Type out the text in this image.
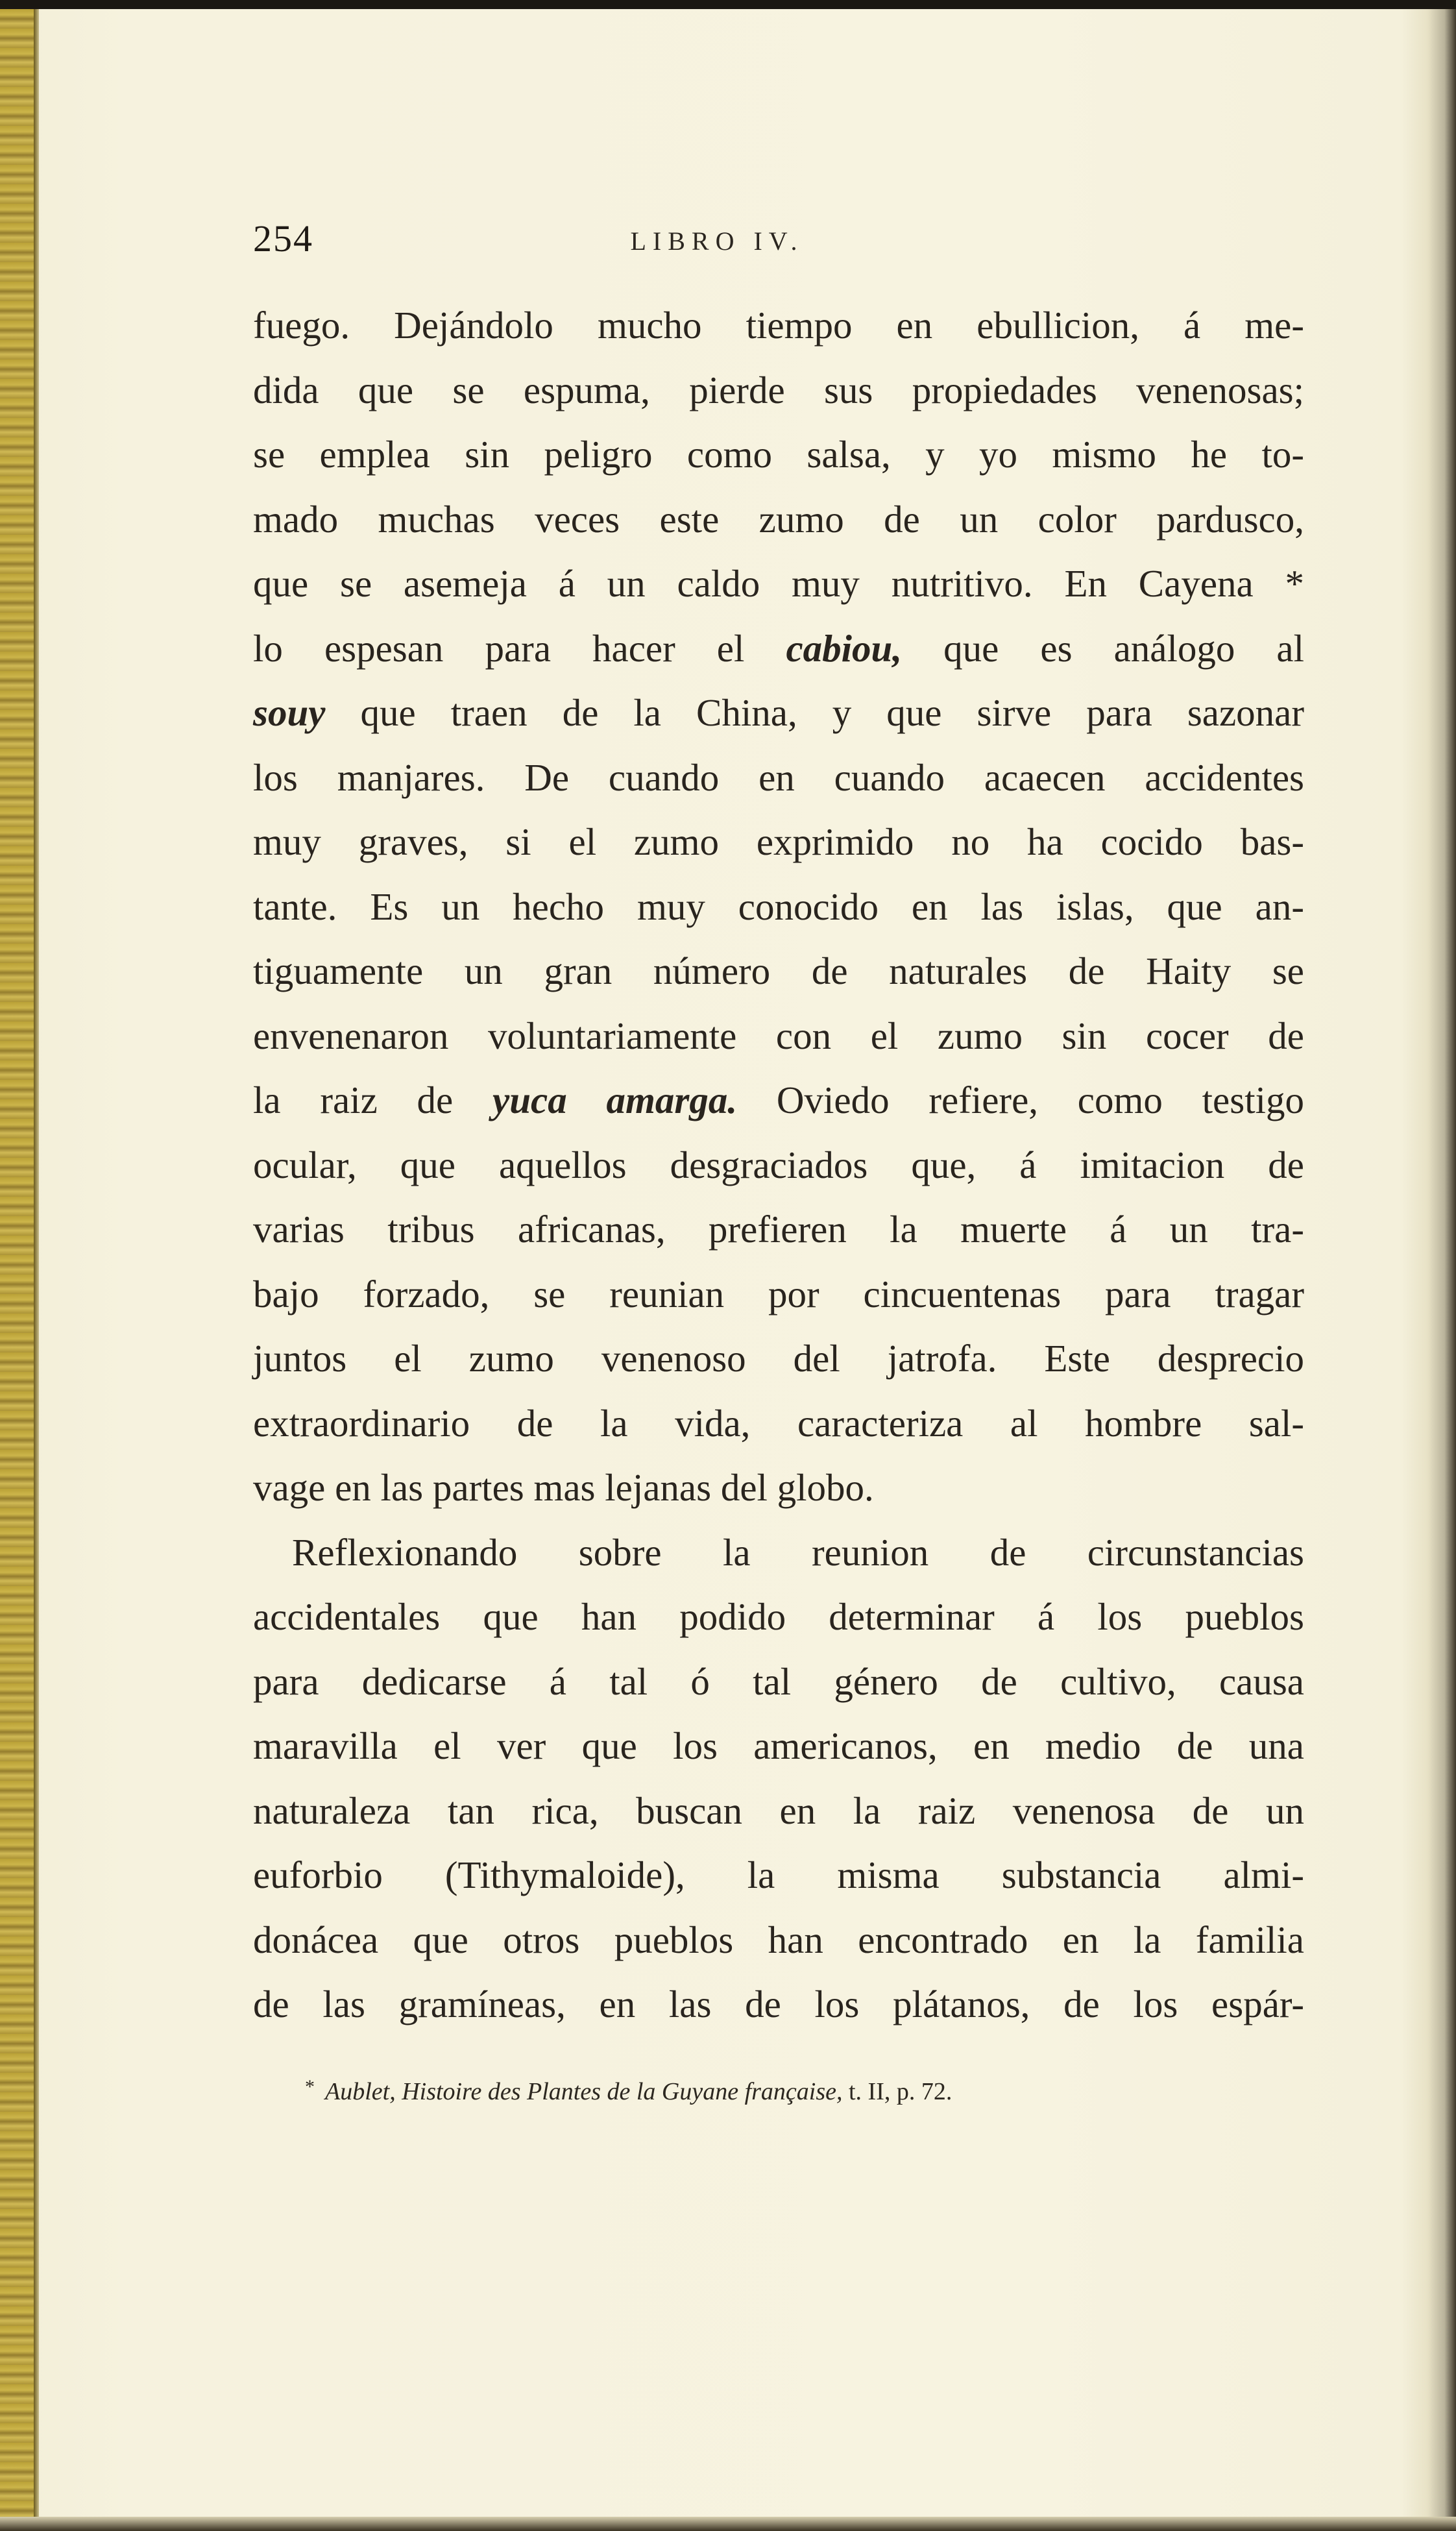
254	LIBRO IV.
fuego. Dejándolo mucho tiempo en ebullicion, á me-
dida que se espuma, pierde sus propiedades venenosas;
se emplea sin peligro como salsa, y yo mismo he to-
mado muchas veces este zumo de un color pardusco,
que se asemeja á un caldo muy nutritivo. En Cayena *
lo espesan para hacer el cabiou, que es análogo al
souy que traen de la China, y que sirve para sazonar
los manjares. De cuando en cuando acaecen accidentes
muy graves, si el zumo exprimido no ha cocido bas-
tante. Es un hecho muy conocido en las islas, que an-
tiguamente un gran número de naturales de Haity se
envenenaron voluntariamente con el zumo sin cocer de
la raiz de yuca amarga. Oviedo refiere, como testigo
ocular, que aquellos desgraciados que, á imitacion de
varias tribus africanas, prefieren la muerte á un tra-
bajo forzado, se reunian por cincuentenas para tragar
juntos el zumo venenoso del jatrofa. Este desprecio
extraordinario de la vida, caracteriza al hombre sal-
vage en las partes mas lejanas del globo.
Reflexionando sobre la reunion de circunstancias
accidentales que han podido determinar á los pueblos
para dedicarse á tal ó tal género de cultivo, causa
maravilla el ver que los americanos, en medio de una
naturaleza tan rica, buscan en la raiz venenosa de un
euforbio (Tithymaloide), la misma substancia almi-
donácea que otros pueblos han encontrado en la familia
de las gramíneas, en las de los plátanos, de los espár-
* Aublet, Histoire des Plantes de la Guyane française, t. II, p. 72.
